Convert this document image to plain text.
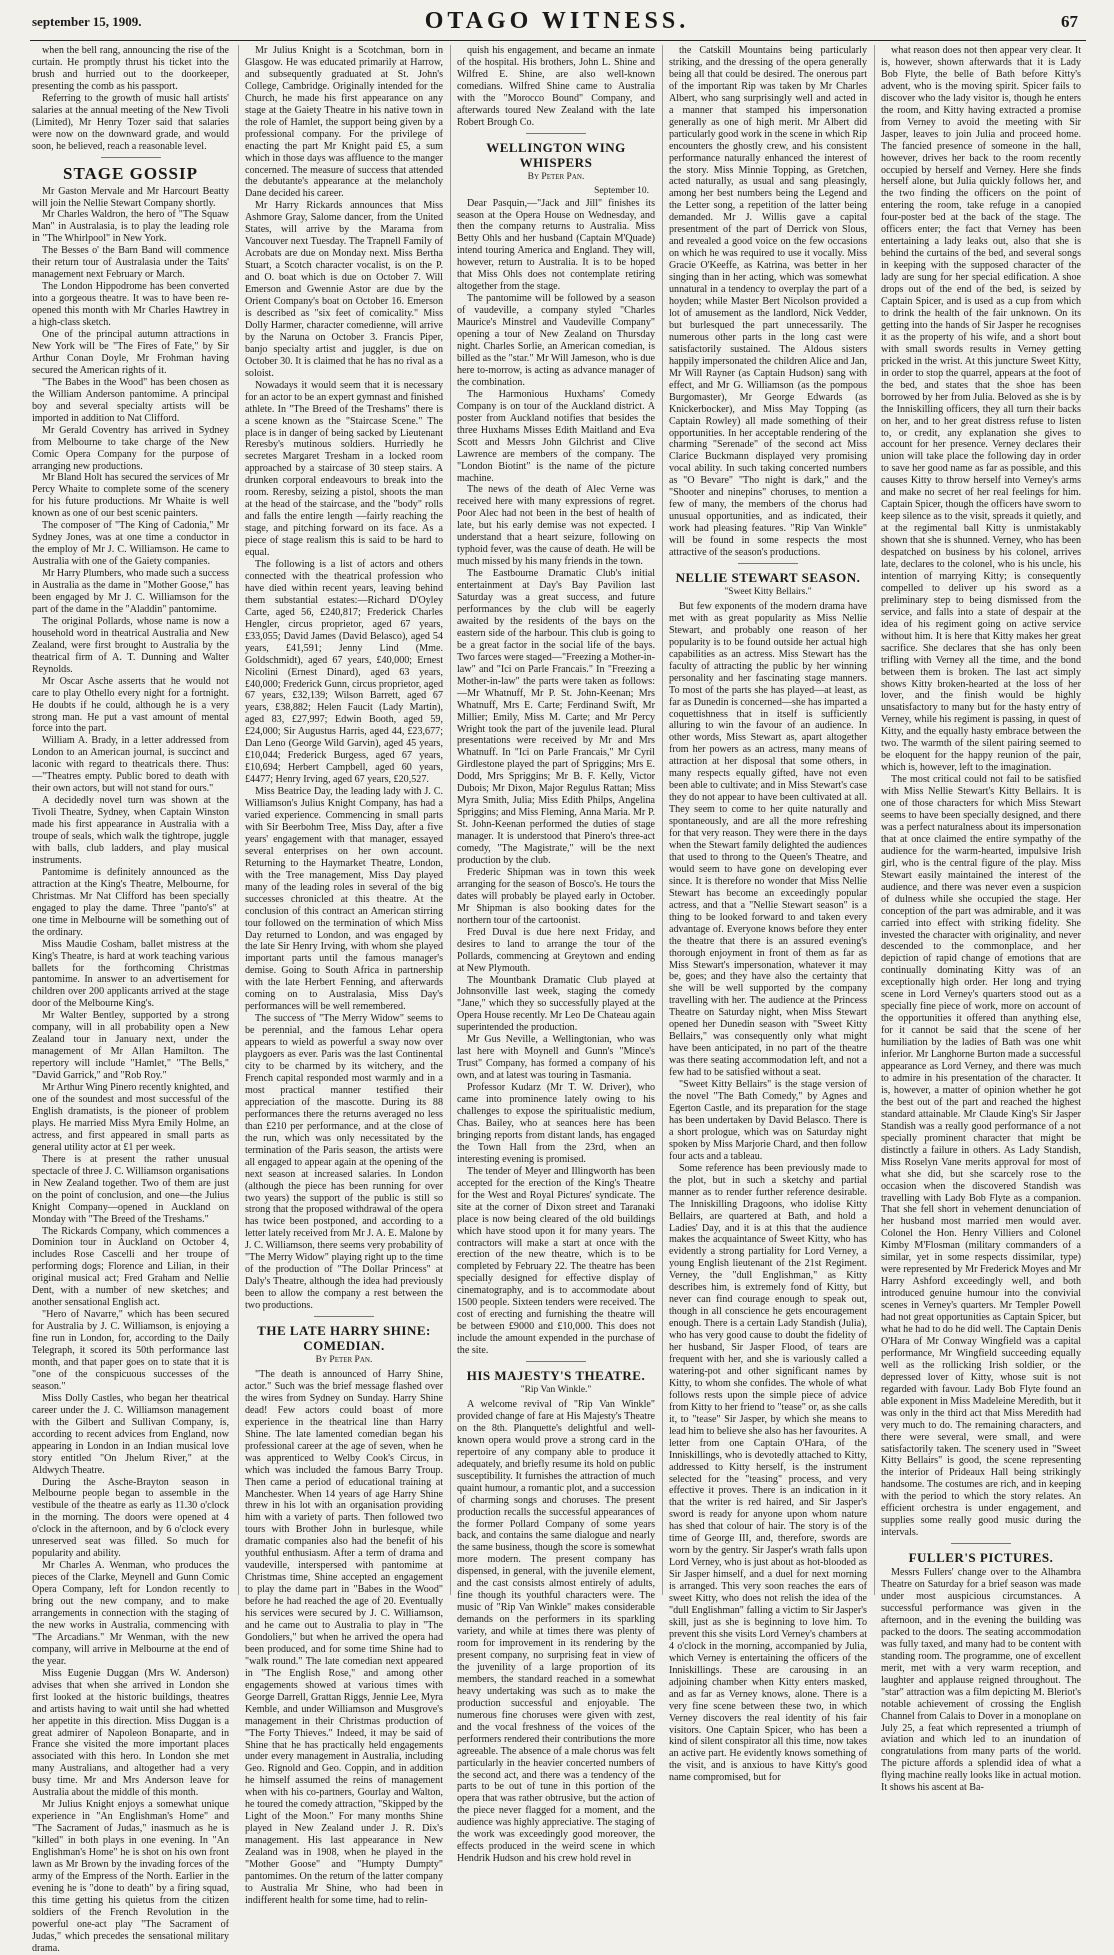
september 15, 1909.	OTAGO WITNESS.	67

when the bell rang, announcing the rise of the curtain. He promptly thrust his ticket into the brush and hurried out to the doorkeeper, presenting the comb as his passport.

Referring to the growth of music hall artists' salaries at the annual meeting of the New Tivoli (Limited), Mr Henry Tozer said that salaries were now on the downward grade, and would soon, he believed, reach a reasonable level.

STAGE GOSSIP

Mr Gaston Mervale and Mr Harcourt Beatty will join the Nellie Stewart Company shortly.

Mr Charles Waldron, the hero of "The Squaw Man" in Australasia, is to play the leading role in "The Whirlpool" in New York.

The Besses o' the Barn Band will commence their return tour of Australasia under the Taits' management next February or March.

The London Hippodrome has been converted into a gorgeous theatre. It was to have been re-opened this month with Mr Charles Hawtrey in a high-class sketch.

One of the principal autumn attractions in New York will be "The Fires of Fate," by Sir Arthur Conan Doyle, Mr Frohman having secured the American rights of it.

"The Babes in the Wood" has been chosen as the William Anderson pantomime. A principal boy and several specialty artists will be imported in addition to Nat Clifford.

Mr Gerald Coventry has arrived in Sydney from Melbourne to take charge of the New Comic Opera Company for the purpose of arranging new productions.

Mr Bland Holt has secured the services of Mr Percy Whaite to complete some of the scenery for his future productions. Mr Whaite is well known as one of our best scenic painters.

The composer of "The King of Cadonia," Mr Sydney Jones, was at one time a conductor in the employ of Mr J. C. Williamson. He came to Australia with one of the Gaiety companies.

Mr Harry Plumbers, who made such a success in Australia as the dame in "Mother Goose," has been engaged by Mr J. C. Williamson for the part of the dame in the "Aladdin" pantomime.

The original Pollards, whose name is now a household word in theatrical Australia and New Zealand, were first brought to Australia by the theatrical firm of A. T. Dunning and Walter Reynolds.

Mr Oscar Asche asserts that he would not care to play Othello every night for a fortnight. He doubts if he could, although he is a very strong man. He put a vast amount of mental force into the part.

William A. Brady, in a letter addressed from London to an American journal, is succinct and laconic with regard to theatricals there. Thus:—"Theatres empty. Public bored to death with their own actors, but will not stand for ours."

A decidedly novel turn was shown at the Tivoli Theatre, Sydney, when Captain Winston made his first appearance in Australia with a troupe of seals, which walk the tightrope, juggle with balls, club ladders, and play musical instruments.

Pantomime is definitely announced as the attraction at the King's Theatre, Melbourne, for Christmas. Mr Nat Clifford has been specially engaged to play the dame. Three "panto's" at one time in Melbourne will be something out of the ordinary.

Miss Maudie Cosham, ballet mistress at the King's Theatre, is hard at work teaching various ballets for the forthcoming Christmas pantomime. In answer to an advertisement for children over 200 applicants arrived at the stage door of the Melbourne King's.

Mr Walter Bentley, supported by a strong company, will in all probability open a New Zealand tour in January next, under the management of Mr Allan Hamilton. The repertory will include "Hamlet," "The Bells," "David Garrick," and "Rob Roy."

Mr Arthur Wing Pinero recently knighted, and one of the soundest and most successful of the English dramatists, is the pioneer of problem plays. He married Miss Myra Emily Holme, an actress, and first appeared in small parts as general utility actor at £1 per week.

There is at present the rather unusual spectacle of three J. C. Williamson organisations in New Zealand together. Two of them are just on the point of conclusion, and one—the Julius Knight Company—opened in Auckland on Monday with "The Breed of the Treshams."

The Rickards Company, which commences a Dominion tour in Auckland on October 4, includes Rose Cascelli and her troupe of performing dogs; Florence and Lilian, in their original musical act; Fred Graham and Nellie Dent, with a number of new sketches; and another sensational English act.

"Hero of Navarre," which has been secured for Australia by J. C. Williamson, is enjoying a fine run in London, for, according to the Daily Telegraph, it scored its 50th performance last month, and that paper goes on to state that it is "one of the conspicuous successes of the season."

Miss Dolly Castles, who began her theatrical career under the J. C. Williamson management with the Gilbert and Sullivan Company, is, according to recent advices from England, now appearing in London in an Indian musical love story entitled "On Jhelum River," at the Aldwych Theatre.

During the Asche-Brayton season in Melbourne people began to assemble in the vestibule of the theatre as early as 11.30 o'clock in the morning. The doors were opened at 4 o'clock in the afternoon, and by 6 o'clock every unreserved seat was filled. So much for popularity and ability.

Mr Charles A. Wenman, who produces the pieces of the Clarke, Meynell and Gunn Comic Opera Company, left for London recently to bring out the new company, and to make arrangements in connection with the staging of the new works in Australia, commencing with "The Arcadians." Mr Wenman, with the new company, will arrive in Melbourne at the end of the year.

Miss Eugenie Duggan (Mrs W. Anderson) advises that when she arrived in London she first looked at the historic buildings, theatres and artists having to wait until she had whetted her appetite in this direction. Miss Duggan is a great admirer of Napoleon Bonaparte, and in France she visited the more important places associated with this hero. In London she met many Australians, and altogether had a very busy time. Mr and Mrs Anderson leave for Australia about the middle of this month.

Mr Julius Knight enjoys a somewhat unique experience in "An Englishman's Home" and "The Sacrament of Judas," inasmuch as he is "killed" in both plays in one evening. In "An Englishman's Home" he is shot on his own front lawn as Mr Brown by the invading forces of the army of the Empress of the North. Earlier in the evening he is "done to death" by a firing squad, this time getting his quietus from the citizen soldiers of the French Revolution in the powerful one-act play "The Sacrament of Judas," which precedes the sensational military drama.

Mr Julius Knight is a Scotchman, born in Glasgow. He was educated primarily at Harrow, and subsequently graduated at St. John's College, Cambridge. Originally intended for the Church, he made his first appearance on any stage at the Gaiety Theatre in his native town in the role of Hamlet, the support being given by a professional company. For the privilege of enacting the part Mr Knight paid £5, a sum which in those days was affluence to the manger concerned. The measure of success that attended the debutante's appearance at the melancholy Dane decided his career.

Mr Harry Rickards announces that Miss Ashmore Gray, Salome dancer, from the United States, will arrive by the Marama from Vancouver next Tuesday. The Trapnell Family of Acrobats are due on Monday next. Miss Bertha Stuart, a Scotch character vocalist, is on the P. and O. boat which is due on October 7. Will Emerson and Gwennie Astor are due by the Orient Company's boat on October 16. Emerson is described as "six feet of comicality." Miss Dolly Harmer, character comedienne, will arrive by the Naruna on October 3. Francis Piper, banjo specialty artist and juggler, is due on October 30. It is claimed that he has no rival as a soloist.

Nowadays it would seem that it is necessary for an actor to be an expert gymnast and finished athlete. In "The Breed of the Treshams" there is a scene known as the "Staircase Scene." The place is in danger of being sacked by Lieutenant Reresby's mutinous soldiers. Hurriedly he secretes Margaret Tresham in a locked room approached by a staircase of 30 steep stairs. A drunken corporal endeavours to break into the room. Reresby, seizing a pistol, shoots the man at the head of the staircase, and the "body" rolls and falls the entire length —fairly reaching the stage, and pitching forward on its face. As a piece of stage realism this is said to be hard to equal.

The following is a list of actors and others connected with the theatrical profession who have died within recent years, leaving behind them substantial estates:—Richard D'Oyley Carte, aged 56, £240,817; Frederick Charles Hengler, circus proprietor, aged 67 years, £33,055; David James (David Belasco), aged 54 years, £41,591; Jenny Lind (Mme. Goldschmidt), aged 67 years, £40,000; Ernest Nicolini (Ernest Dinard), aged 63 years, £40,000; Frederick Gunn, circus proprietor, aged 67 years, £32,139; Wilson Barrett, aged 67 years, £38,882; Helen Faucit (Lady Martin), aged 83, £27,997; Edwin Booth, aged 59, £24,000; Sir Augustus Harris, aged 44, £23,677; Dan Leno (George Wild Garvin), aged 45 years, £10,044; Frederick Burgess, aged 67 years, £10,694; Herbert Campbell, aged 60 years, £4477; Henry Irving, aged 67 years, £20,527.

Miss Beatrice Day, the leading lady with J. C. Williamson's Julius Knight Company, has had a varied experience. Commencing in small parts with Sir Beerbohm Tree, Miss Day, after a five years' engagement with that manager, essayed several enterprises on her own account. Returning to the Haymarket Theatre, London, with the Tree management, Miss Day played many of the leading roles in several of the big successes chronicled at this theatre. At the conclusion of this contract an American stirring tour followed on the termination of which Miss Day returned to London, and was engaged by the late Sir Henry Irving, with whom she played important parts until the famous manager's demise. Going to South Africa in partnership with the late Herbert Fenning, and afterwards coming on to Australasia, Miss Day's performances will be well remembered.

The success of "The Merry Widow" seems to be perennial, and the famous Lehar opera appears to wield as powerful a sway now over playgoers as ever. Paris was the last Continental city to be charmed by its witchery, and the French capital responded most warmly and in a most practical manner testified their appreciation of the mascotte. During its 88 performances there the returns averaged no less than £210 per performance, and at the close of the run, which was only necessitated by the termination of the Paris season, the artists were all engaged to appear again at the opening of the next season at increased salaries. In London (although the piece has been running for over two years) the support of the public is still so strong that the proposed withdrawal of the opera has twice been postponed, and according to a letter lately received from Mr J. A. E. Malone by J. C. Williamson, there seems very probability of "The Merry Widow" playing right up to the time of the production of "The Dollar Princess" at Daly's Theatre, although the idea had previously been to allow the company a rest between the two productions.

THE LATE HARRY SHINE: COMEDIAN.
By Peter Pan.

"The death is announced of Harry Shine, actor." Such was the brief message flashed over the wires from Sydney on Sunday. Harry Shine dead! Few actors could boast of more experience in the theatrical line than Harry Shine. The late lamented comedian began his professional career at the age of seven, when he was apprenticed to Welby Cook's Circus, in which was included the famous Barry Troup. Then came a period of educational training at Manchester. When 14 years of age Harry Shine threw in his lot with an organisation providing him with a variety of parts. Then followed two tours with Brother John in burlesque, while dramatic companies also had the benefit of his youthful enthusiasm. After a term of drama and vaudeville, interspersed with pantomime at Christmas time, Shine accepted an engagement to play the dame part in "Babes in the Wood" before he had reached the age of 20. Eventually his services were secured by J. C. Williamson, and he came out to Australia to play in "The Gondoliers," but when he arrived the opera had been produced, and for some time Shine had to "walk round." The late comedian next appeared in "The English Rose," and among other engagements showed at various times with George Darrell, Grattan Riggs, Jennie Lee, Myra Kemble, and under Williamson and Musgrove's management in their Christmas production of "The Forty Thieves." Indeed, it may be said of Shine that he has practically held engagements under every management in Australia, including Geo. Rignold and Geo. Coppin, and in addition he himself assumed the reins of management when with his co-partners, Gourlay and Walton, he toured the comedy attraction, "Skipped by the Light of the Moon." For many months Shine played in New Zealand under J. R. Dix's management. His last appearance in New Zealand was in 1908, when he played in the "Mother Goose" and "Humpty Dumpty" pantomimes. On the return of the latter company to Australia Mr Shine, who had been in indifferent health for some time, had to relin-

quish his engagement, and became an inmate of the hospital. His brothers, John L. Shine and Wilfred E. Shine, are also well-known comedians. Wilfred Shine came to Australia with the "Morocco Bound" Company, and afterwards toured New Zealand with the late Robert Brough Co.

WELLINGTON WING WHISPERS
By Peter Pan.
September 10.

Dear Pasquin,—"Jack and Jill" finishes its season at the Opera House on Wednesday, and then the company returns to Australia. Miss Betty Ohls and her husband (Captain M'Quade) intend touring America and England. They will, however, return to Australia. It is to be hoped that Miss Ohls does not contemplate retiring altogether from the stage.

The pantomime will be followed by a season of vaudeville, a company styled "Charles Maurice's Minstrel and Vaudeville Company" opening a tour of New Zealand on Thursday night. Charles Sorlie, an American comedian, is billed as the "star." Mr Will Jameson, who is due here to-morrow, is acting as advance manager of the combination.

The Harmonious Huxhams' Comedy Company is on tour of the Auckland district. A poster from Auckland notifies that besides the three Huxhams Misses Edith Maitland and Eva Scott and Messrs John Gilchrist and Clive Lawrence are members of the company. The "London Biotint" is the name of the picture machine.

The news of the death of Alec Verne was received here with many expressions of regret. Poor Alec had not been in the best of health of late, but his early demise was not expected. I understand that a heart seizure, following on typhoid fever, was the cause of death. He will be much missed by his many friends in the town.

The Eastbourne Dramatic Club's initial entertainment at Day's Bay Pavilion last Saturday was a great success, and future performances by the club will be eagerly awaited by the residents of the bays on the eastern side of the harbour. This club is going to be a great factor in the social life of the bays. Two farces were staged—"Freezing a Mother-in-law" and "Ici on Parle Francais." In "Freezing a Mother-in-law" the parts were taken as follows:—Mr Whatnuff, Mr P. St. John-Keenan; Mrs Whatnuff, Mrs E. Carte; Ferdinand Swift, Mr Millier; Emily, Miss M. Carte; and Mr Percy Wright took the part of the juvenile lead. Plural presentations were received by Mr and Mrs Whatnuff. In "Ici on Parle Francais," Mr Cyril Girdlestone played the part of Spriggins; Mrs E. Dodd, Mrs Spriggins; Mr B. F. Kelly, Victor Dubois; Mr Dixon, Major Regulus Rattan; Miss Myra Smith, Julia; Miss Edith Philps, Angelina Spriggins; and Miss Fleming, Anna Maria. Mr P. St. John-Keenan performed the duties of stage manager. It is understood that Pinero's three-act comedy, "The Magistrate," will be the next production by the club.

Frederic Shipman was in town this week arranging for the season of Bosco's. He tours the dates will probably be played early in October. Mr Shipman is also booking dates for the northern tour of the cartoonist.

Fred Duval is due here next Friday, and desires to land to arrange the tour of the Pollards, commencing at Greytown and ending at New Plymouth.

The Mountbank Dramatic Club played at Johnsonville last week, staging the comedy "Jane," which they so successfully played at the Opera House recently. Mr Leo De Chateau again superintended the production.

Mr Gus Neville, a Wellingtonian, who was last here with Moynell and Gunn's "Mince's Trust" Company, has formed a company of his own, and at latest was touring in Tasmania.

Professor Kudarz (Mr T. W. Driver), who came into prominence lately owing to his challenges to expose the spiritualistic medium, Chas. Bailey, who at seances here has been bringing reports from distant lands, has engaged the Town Hall from the 23rd, when an interesting evening is promised.

The tender of Meyer and Illingworth has been accepted for the erection of the King's Theatre for the West and Royal Pictures' syndicate. The site at the corner of Dixon street and Taranaki place is now being cleared of the old buildings which have stood upon it for many years. The contractors will make a start at once with the erection of the new theatre, which is to be completed by February 22. The theatre has been specially designed for effective display of cinematography, and is to accommodate about 1500 people. Sixteen tenders were received. The cost of erecting and furnishing the theatre will be between £9000 and £10,000. This does not include the amount expended in the purchase of the site.

HIS MAJESTY'S THEATRE.
"Rip Van Winkle."

A welcome revival of "Rip Van Winkle" provided change of fare at His Majesty's Theatre on the 8th. Planquette's delightful and well-known opera would prove a strong card in the repertoire of any company able to produce it adequately, and briefly resume its hold on public susceptibility. It furnishes the attraction of much quaint humour, a romantic plot, and a succession of charming songs and choruses. The present production recalls the successful appearances of the former Pollard Company of some years back, and contains the same dialogue and nearly the same business, though the score is somewhat more modern. The present company has dispensed, in general, with the juvenile element, and the cast consists almost entirely of adults, fine though its youthful characters were. The music of "Rip Van Winkle" makes considerable demands on the performers in its sparkling variety, and while at times there was plenty of room for improvement in its rendering by the present company, no surprising feat in view of the juvenility of a large proportion of its members, the standard reached in a somewhat heavy undertaking was such as to make the production successful and enjoyable. The numerous fine choruses were given with zest, and the vocal freshness of the voices of the performers rendered their contributions the more agreeable. The absence of a male chorus was felt particularly in the heavier concerted numbers of the second act, and there was a tendency of the parts to be out of tune in this portion of the opera that was rather obtrusive, but the action of the piece never flagged for a moment, and the audience was highly appreciative. The staging of the work was exceedingly good moreover, the effects produced in the weird scene in which Hendrik Hudson and his crew hold revel in

the Catskill Mountains being particularly striking, and the dressing of the opera generally being all that could be desired. The onerous part of the important Rip was taken by Mr Charles Albert, who sang surprisingly well and acted in a manner that stamped his impersonation generally as one of high merit. Mr Albert did particularly good work in the scene in which Rip encounters the ghostly crew, and his consistent performance naturally enhanced the interest of the story. Miss Minnie Topping, as Gretchen, acted naturally, as usual and sang pleasingly, among her best numbers being the Legend and the Letter song, a repetition of the latter being demanded. Mr J. Willis gave a capital presentment of the part of Derrick von Slous, and revealed a good voice on the few occasions on which he was required to use it vocally. Miss Gracie O'Keeffe, as Katrina, was better in her singing than in her acting, which was somewhat unnatural in a tendency to overplay the part of a hoyden; while Master Bert Nicolson provided a lot of amusement as the landlord, Nick Vedder, but burlesqued the part unnecessarily. The numerous other parts in the long cast were satisfactorily sustained. The Aldous sisters happily impersonated the children Alice and Jan, Mr Will Rayner (as Captain Hudson) sang with effect, and Mr G. Williamson (as the pompous Burgomaster), Mr George Edwards (as Knickerbocker), and Miss May Topping (as Captain Rowley) all made something of their opportunities. In her acceptable rendering of the charming "Serenade" of the second act Miss Clarice Buckmann displayed very promising vocal ability. In such taking concerted numbers as "O Bevare" "Tho night is dark," and the "Shooter and ninepins" choruses, to mention a few of many, the members of the chorus had unusual opportunities, and as indicated, their work had pleasing features. "Rip Van Winkle" will be found in some respects the most attractive of the season's productions.

NELLIE STEWART SEASON.
"Sweet Kitty Bellairs."

But few exponents of the modern drama have met with as great popularity as Miss Nellie Stewart, and probably one reason of her popularity is to be found outside her actual high capabilities as an actress. Miss Stewart has the faculty of attracting the public by her winning personality and her fascinating stage manners. To most of the parts she has played—at least, as far as Dunedin is concerned—she has imparted a coquettishness that in itself is sufficiently alluring to win the favour of an audience. In other words, Miss Stewart as, apart altogether from her powers as an actress, many means of attraction at her disposal that some others, in many respects equally gifted, have not even been able to cultivate; and in Miss Stewart's case they do not appear to have been cultivated at all. They seem to come to her quite naturally and spontaneously, and are all the more refreshing for that very reason. They were there in the days when the Stewart family delighted the audiences that used to throng to the Queen's Theatre, and would seem to have gone on developing ever since. It is therefore no wonder that Miss Nellie Stewart has become an exceedingly popular actress, and that a "Nellie Stewart season" is a thing to be looked forward to and taken every advantage of. Everyone knows before they enter the theatre that there is an assured evening's thorough enjoyment in front of them as far as Miss Stewart's impersonation, whatever it may be, goes; and they have also the certainty that she will be well supported by the company travelling with her. The audience at the Princess Theatre on Saturday night, when Miss Stewart opened her Dunedin season with "Sweet Kitty Bellairs," was consequently only what might have been anticipated, in no part of the theatre was there seating accommodation left, and not a few had to be satisfied without a seat.

"Sweet Kitty Bellairs" is the stage version of the novel "The Bath Comedy," by Agnes and Egerton Castle, and its preparation for the stage has been undertaken by David Belasco. There is a short prologue, which was on Saturday night spoken by Miss Marjorie Chard, and then follow four acts and a tableau.

Some reference has been previously made to the plot, but in such a sketchy and partial manner as to render further reference desirable. The Inniskilling Dragoons, who idolise Kitty Bellairs, are quartered at Bath, and hold a Ladies' Day, and it is at this that the audience makes the acquaintance of Sweet Kitty, who has evidently a strong partiality for Lord Verney, a young English lieutenant of the 21st Regiment. Verney, the "dull Englishman," as Kitty describes him, is extremely fond of Kitty, but never can find courage enough to speak out, though in all conscience he gets encouragement enough. There is a certain Lady Standish (Julia), who has very good cause to doubt the fidelity of her husband, Sir Jasper Flood, of tears are frequent with her, and she is variously called a watering-pot and other significant names by Kitty, to whom she confides. The whole of what follows rests upon the simple piece of advice from Kitty to her friend to "tease" or, as she calls it, to "tease" Sir Jasper, by which she means to lead him to believe she also has her favourites. A letter from one Captain O'Hara, of the Inniskillings, who is devotedly attached to Kitty, addressed to Kitty herself, is the instrument selected for the "teasing" process, and very effective it proves. There is an indication in it that the writer is red haired, and Sir Jasper's sword is ready for anyone upon whom nature has shed that colour of hair. The story is of the time of George III, and, therefore, swords are worn by the gentry. Sir Jasper's wrath falls upon Lord Verney, who is just about as hot-blooded as Sir Jasper himself, and a duel for next morning is arranged. This very soon reaches the ears of sweet Kitty, who does not relish the idea of the "dull Englishman" falling a victim to Sir Jasper's skill, just as she is beginning to love him. To prevent this she visits Lord Verney's chambers at 4 o'clock in the morning, accompanied by Julia, which Verney is entertaining the officers of the Inniskillings. These are carousing in an adjoining chamber when Kitty enters masked, and as far as Verney knows, alone. There is a very fine scene between these two, in which Verney discovers the real identity of his fair visitors. One Captain Spicer, who has been a kind of silent conspirator all this time, now takes an active part. He evidently knows something of the visit, and is anxious to have Kitty's good name compromised, but for

what reason does not then appear very clear. It is, however, shown afterwards that it is Lady Bob Flyte, the belle of Bath before Kitty's advent, who is the moving spirit. Spicer fails to discover who the lady visitor is, though he enters the room, and Kitty having extracted a promise from Verney to avoid the meeting with Sir Jasper, leaves to join Julia and proceed home. The fancied presence of someone in the hall, however, drives her back to the room recently occupied by herself and Verney. Here she finds herself alone, but Julia quickly follows her, and the two finding the officers on the point of entering the room, take refuge in a canopied four-poster bed at the back of the stage. The officers enter; the fact that Verney has been entertaining a lady leaks out, also that she is behind the curtains of the bed, and several songs in keeping with the supposed character of the lady are sung for her special edification. A shoe drops out of the end of the bed, is seized by Captain Spicer, and is used as a cup from which to drink the health of the fair unknown. On its getting into the hands of Sir Jasper he recognises it as the property of his wife, and a short bout with small swords results in Verney getting pricked in the wrist. At this juncture Sweet Kitty, in order to stop the quarrel, appears at the foot of the bed, and states that the shoe has been borrowed by her from Julia. Beloved as she is by the Inniskilling officers, they all turn their backs on her, and to her great distress refuse to listen to, or credit, any explanation she gives to account for her presence. Verney declares their union will take place the following day in order to save her good name as far as possible, and this causes Kitty to throw herself into Verney's arms and make no secret of her real feelings for him. Captain Spicer, though the officers have sworn to keep silence as to the visit, spreads it quietly, and at the regimental ball Kitty is unmistakably shown that she is shunned. Verney, who has been despatched on business by his colonel, arrives late, declares to the colonel, who is his uncle, his intention of marrying Kitty; is consequently compelled to deliver up his sword as a preliminary step to being dismissed from the service, and falls into a state of despair at the idea of his regiment going on active service without him. It is here that Kitty makes her great sacrifice. She declares that she has only been trifling with Verney all the time, and the bond between them is broken. The last act simply shows Kitty broken-hearted at the loss of her lover, and the finish would be highly unsatisfactory to many but for the hasty entry of Verney, while his regiment is passing, in quest of Kitty, and the equally hasty embrace between the two. The warmth of the silent pairing seemed to be eloquent for the happy reunion of the pair, which is, however, left to the imagination.

The most critical could not fail to be satisfied with Miss Nellie Stewart's Kitty Bellairs. It is one of those characters for which Miss Stewart seems to have been specially designed, and there was a perfect naturalness about its impersonation that at once claimed the entire sympathy of the audience for the warm-hearted, impulsive Irish girl, who is the central figure of the play. Miss Stewart easily maintained the interest of the audience, and there was never even a suspicion of dulness while she occupied the stage. Her conception of the part was admirable, and it was carried into effect with striking fidelity. She invested the character with originality, and never descended to the commonplace, and her depiction of rapid change of emotions that are continually dominating Kitty was of an exceptionally high order. Her long and trying scene in Lord Verney's quarters stood out as a specially fine piece of work, more on account of the opportunities it offered than anything else, for it cannot be said that the scene of her humiliation by the ladies of Bath was one whit inferior. Mr Langhorne Burton made a successful appearance as Lord Verney, and there was much to admire in his presentation of the character. It is, however, a matter of opinion whether he got the best out of the part and reached the highest standard attainable. Mr Claude King's Sir Jasper Standish was a really good performance of a not specially prominent character that might be distinctly a failure in others. As Lady Standish, Miss Roselyn Vane merits approval for most of what she did, but she scarcely rose to the occasion when the discovered Standish was travelling with Lady Bob Flyte as a companion. That she fell short in vehement denunciation of her husband most married men would aver. Colonel the Hon. Henry Villiers and Colonel Kimby M'Flosman (military commanders of a similar, yet in some respects dissimilar, type) were represented by Mr Frederick Moyes and Mr Harry Ashford exceedingly well, and both introduced genuine humour into the convivial scenes in Verney's quarters. Mr Templer Powell had not great opportunities as Captain Spicer, but what he had to do he did well. The Captain Denis O'Hara of Mr Conway Wingfield was a capital performance, Mr Wingfield succeeding equally well as the rollicking Irish soldier, or the depressed lover of Kitty, whose suit is not regarded with favour. Lady Bob Flyte found an able exponent in Miss Madeleine Meredith, but it was only in the third act that Miss Meredith had very much to do. The remaining characters, and there were several, were small, and were satisfactorily taken. The scenery used in "Sweet Kitty Bellairs" is good, the scene representing the interior of Prideaux Hall being strikingly handsome. The costumes are rich, and in keeping with the period to which the story relates. An efficient orchestra is under engagement, and supplies some really good music during the intervals.

FULLER'S PICTURES.

Messrs Fullers' change over to the Alhambra Theatre on Saturday for a brief season was made under most auspicious circumstances. A successful performance was given in the afternoon, and in the evening the building was packed to the doors. The seating accommodation was fully taxed, and many had to be content with standing room. The programme, one of excellent merit, met with a very warm reception, and laughter and applause reigned throughout. The "star" attraction was a film depicting M. Bleriot's notable achievement of crossing the English Channel from Calais to Dover in a monoplane on July 25, a feat which represented a triumph of aviation and which led to an inundation of congratulations from many parts of the world. The picture affords a splendid idea of what a flying machine really looks like in actual motion. It shows his ascent at Ba-
